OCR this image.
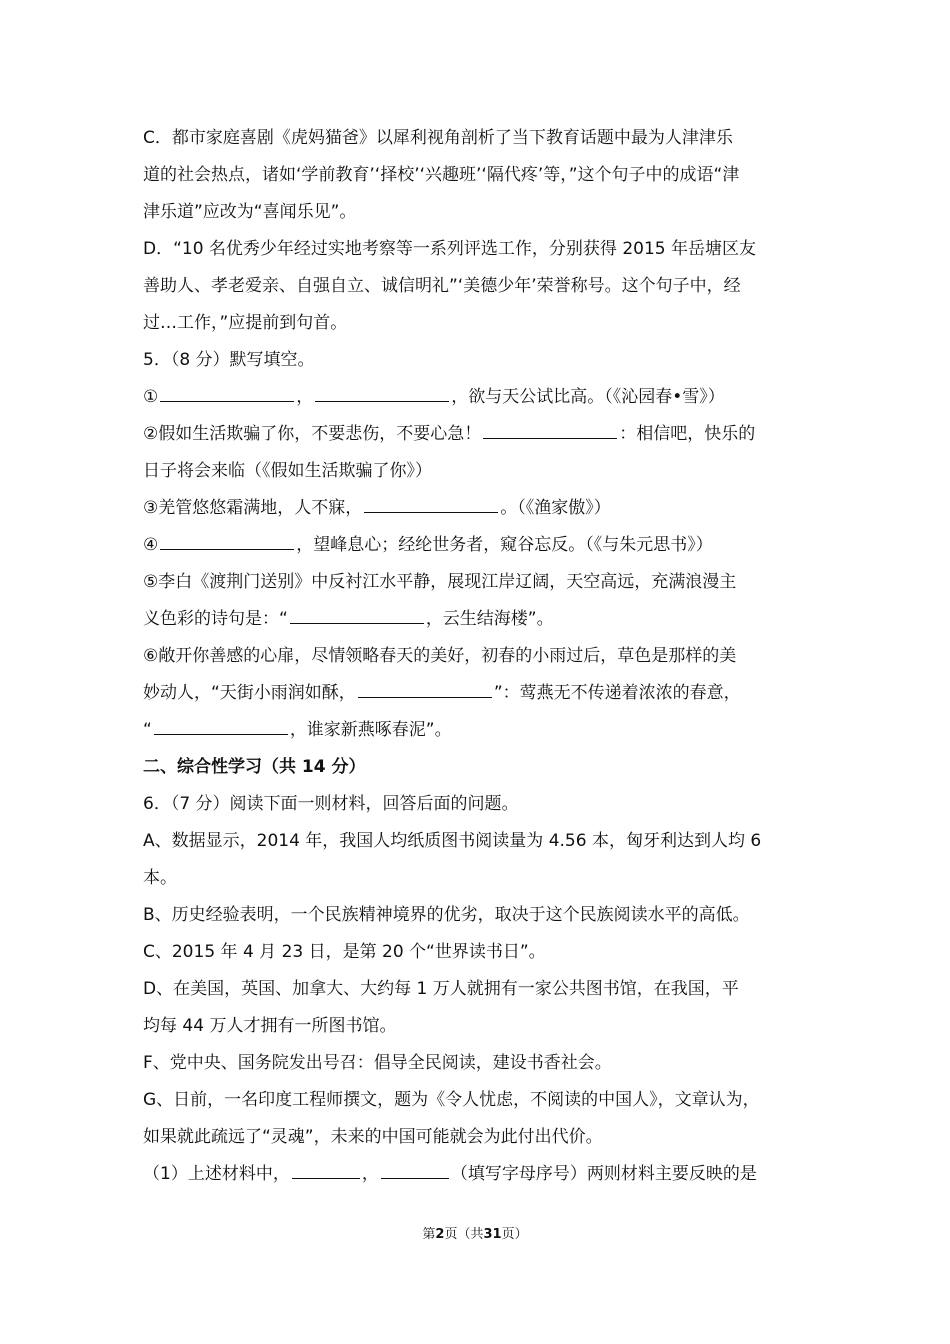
C．都市家庭喜剧《虎妈猫爸》以犀利视角剖析了当下教育话题中最为人津津乐
道的社会热点，诸如‘学前教育’‘择校’‘兴趣班’‘隔代疼’等，”这个句子中的成语“津
津乐道”应改为“喜闻乐见”。
D．“10 名优秀少年经过实地考察等一系列评选工作，分别获得 2015 年岳塘区友
善助人、孝老爱亲、自强自立、诚信明礼”‘美德少年’荣誉称号。这个句子中，经
过…工作，”应提前到句首。
5．（8 分）默写填空。
①	，	，欲与天公试比高。（《沁园春•雪》）
②假如生活欺骗了你，不要悲伤，不要心急！	：相信吧，快乐的
日子将会来临（《假如生活欺骗了你》）
③羌管悠悠霜满地，人不寐，	。（《渔家傲》）
④	，望峰息心；经纶世务者，窥谷忘反。（《与朱元思书》）
⑤李白《渡荆门送别》中反衬江水平静，展现江岸辽阔，天空高远，充满浪漫主
义色彩的诗句是：“	，云生结海楼”。
⑥敞开你善感的心扉，尽情领略春天的美好，初春的小雨过后，草色是那样的美
妙动人，“天街小雨润如酥，	”：莺燕无不传递着浓浓的春意，
“	，谁家新燕啄春泥”。
二、综合性学习（共 14 分）
6．（7 分）阅读下面一则材料，回答后面的问题。
A、数据显示，2014 年，我国人均纸质图书阅读量为 4.56 本，匈牙利达到人均 6
本。
B、历史经验表明，一个民族精神境界的优劣，取决于这个民族阅读水平的高低。
C、2015 年 4 月 23 日，是第 20 个“世界读书日”。
D、在美国，英国、加拿大、大约每 1 万人就拥有一家公共图书馆，在我国，平
均每 44 万人才拥有一所图书馆。
F、党中央、国务院发出号召：倡导全民阅读，建设书香社会。
G、日前，一名印度工程师撰文，题为《令人忧虑，不阅读的中国人》，文章认为，
如果就此疏远了“灵魂”，未来的中国可能就会为此付出代价。
（1）上述材料中，	，	（填写字母序号）两则材料主要反映的是
第2页（共31页）
